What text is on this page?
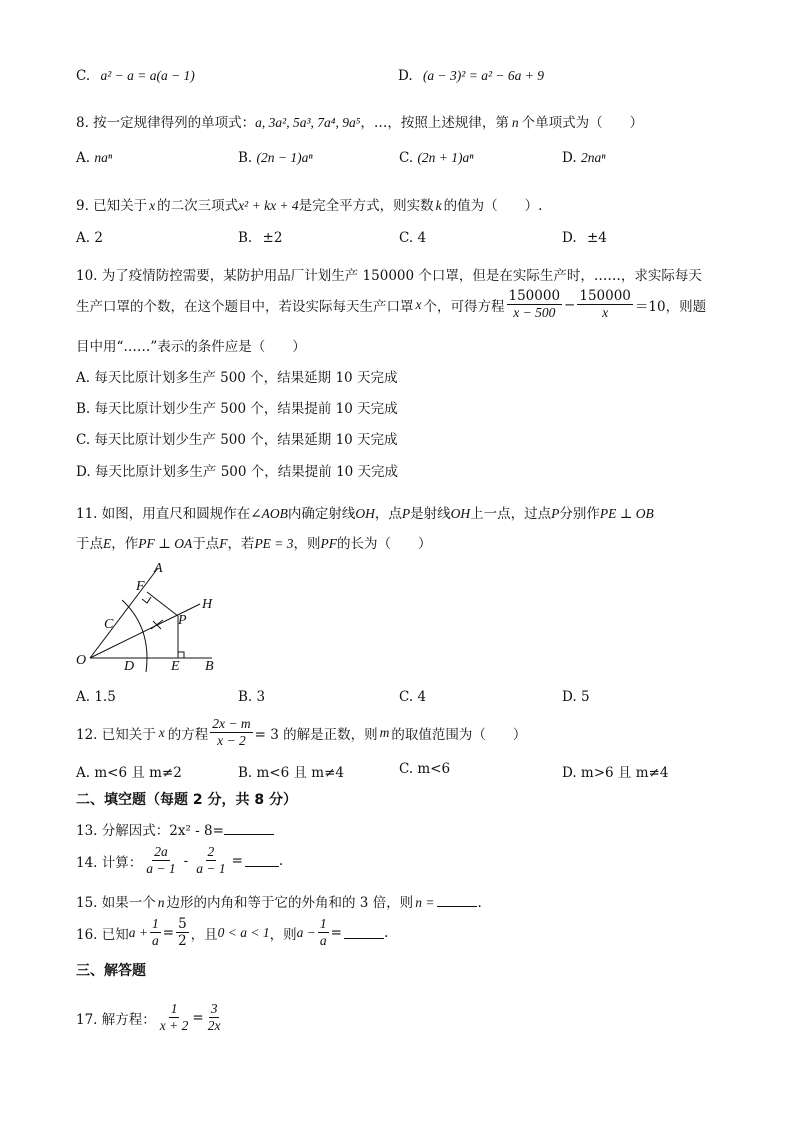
C. a² − a = a(a − 1)	D. (a − 3)² = a² − 6a + 9
8. 按一定规律得列的单项式：a, 3a², 5a³, 7a⁴, 9a⁵，…，按照上述规律，第 n 个单项式为（　　）
A. naⁿ	B. (2n − 1)aⁿ	C. (2n + 1)aⁿ	D. 2naⁿ
9. 已知关于 x 的二次三项式x² + kx + 4是完全平方式，则实数 k 的值为（　　）.
A. 2	B. ±2	C. 4	D. ±4
10. 为了疫情防控需要，某防护用品厂计划生产 150000 个口罩，但是在实际生产时，……，求实际每天
生产口罩的个数，在这个题目中，若设实际每天生产口罩 x 个，可得方程 $\frac{150000}{x - 500} - \frac{150000}{x} =10$，则题
目中用“……”表示的条件应是（　　）
A. 每天比原计划多生产 500 个，结果延期 10 天完成
B. 每天比原计划少生产 500 个，结果提前 10 天完成
C. 每天比原计划少生产 500 个，结果延期 10 天完成
D. 每天比原计划多生产 500 个，结果提前 10 天完成
11. 如图，用直尺和圆规作在∠AOB内确定射线OH，点P是射线OH上一点，过点P分别作PE ⊥ OB
于点E，作PF ⊥ OA于点F，若PE = 3，则PF的长为（　　）
A
F
H
C	P
O	D	E B
A. 1.5	B. 3	C. 4	D. 5
12. 已知关于 x 的方程 $\frac{2x - m}{x - 2} = 3$ 的解是正数，则 m 的取值范围为（　　）
A. m<6 且 m≠2	B. m<6 且 m≠4	C. m<6	D. m>6 且 m≠4
二、填空题（每题 2 分，共 8 分）
13. 分解因式：2x² - 8=
14. 计算： $\frac{2a}{a - 1} - \frac{2}{a - 1}$ =	.
15. 如果一个 n 边形的内角和等于它的外角和的 3 倍，则 n =	.
16. 已知 $a + \frac{1}{a} = \frac{5}{2}$ ，且 0 < a < 1 ，则 $a - \frac{1}{a}$ =	.
三、解答题
17. 解方程： $\frac{1}{x + 2} = \frac{3}{2x}$
